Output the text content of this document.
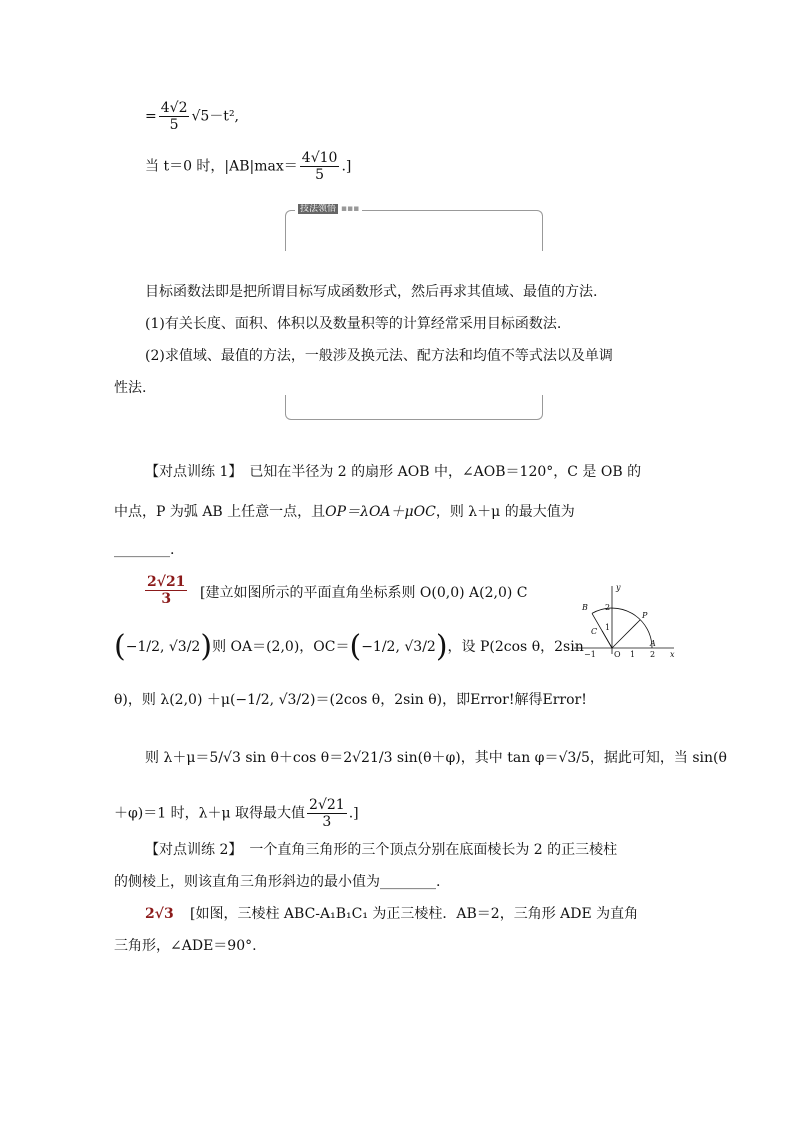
= $\frac{4√2}{5} √5-t^2$,
当 t＝0 时，$|AB|\max= \frac{4√10}{5}$ .]
技法领悟 ▪▪▪
目标函数法即是把所谓目标写成函数形式，然后再求其值域、最值的方法.
(1)有关长度、面积、体积以及数量积等的计算经常采用目标函数法.
(2)求值域、最值的方法，一般涉及换元法、配方法和均值不等式法以及单调
性法.
【对点训练 1】　已知在半径为 2 的扇形 AOB 中，∠AOB＝120°，C 是 OB 的
中点，P 为弧 AB 上任意一点，且OP＝λOA＋μOC，则 λ＋μ 的最大值为
________.
$\frac{2√21}{3}$ [建立如图所示的平面直角坐标系则 O(0,0) A(2,0) C
(−1/2, √3/2)则 OA＝(2,0)，OC＝(−1/2, √3/2)，设 P(2cos θ，2sin
θ)，则 λ(2,0) ＋μ(−1/2, √3/2)＝(2cos θ，2sin θ)，即Error!解得Error!
则 λ＋μ＝5/√3 sin θ＋cos θ＝2√21/3 sin(θ＋φ)，其中 tan φ＝√3/5，据此可知，当 sin(θ
＋φ)＝1 时，λ＋μ 取得最大值 $\frac{2√21}{3}$ .]
y
2
1
B
C
P
A
−1 O 1 2 x
【对点训练 2】　一个直角三角形的三个顶点分别在底面棱长为 2 的正三棱柱
的侧棱上，则该直角三角形斜边的最小值为________.
2√3 [如图，三棱柱 ABC-A₁B₁C₁ 为正三棱柱．AB＝2，三角形 ADE 为直角
三角形，∠ADE＝90°.
